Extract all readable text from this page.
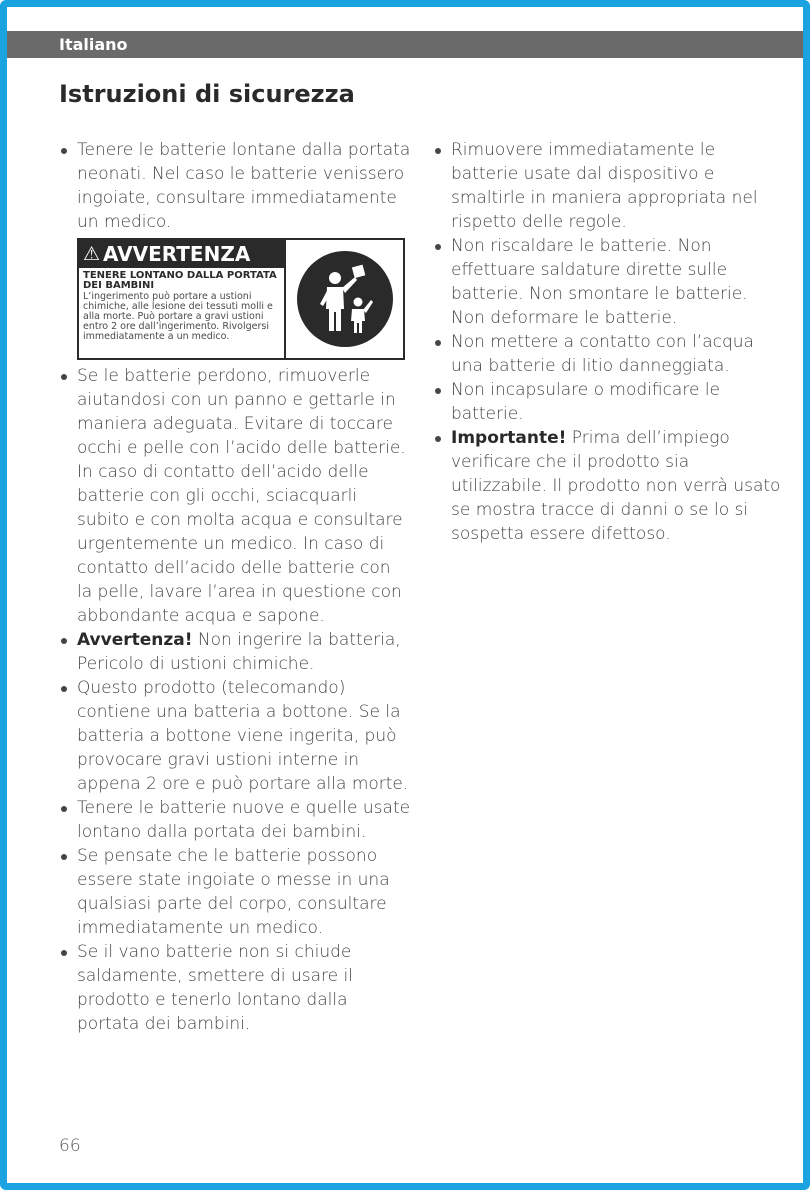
Italiano
Istruzioni di sicurezza
Tenere le batterie lontane dalla portata neonati. Nel caso le batterie venissero ingoiate, consultare immediatamente un medico.
⚠ AVVERTENZA
TENERE LONTANO DALLA PORTATA DEI BAMBINI
L’ingerimento può portare a ustioni chimiche, alle lesione dei tessuti molli e alla morte. Può portare a gravi ustioni entro 2 ore dall’ingerimento. Rivolgersi immediatamente a un medico.
Se le batterie perdono, rimuoverle aiutandosi con un panno e gettarle in maniera adeguata. Evitare di toccare occhi e pelle con l’acido delle batterie. In caso di contatto dell’acido delle batterie con gli occhi, sciacquarli subito e con molta acqua e consultare urgentemente un medico. In caso di contatto dell’acido delle batterie con la pelle, lavare l’area in questione con abbondante acqua e sapone.
Avvertenza! Non ingerire la batteria, Pericolo di ustioni chimiche.
Questo prodotto (telecomando) contiene una batteria a bottone. Se la batteria a bottone viene ingerita, può provocare gravi ustioni interne in appena 2 ore e può portare alla morte.
Tenere le batterie nuove e quelle usate lontano dalla portata dei bambini.
Se pensate che le batterie possono essere state ingoiate o messe in una qualsiasi parte del corpo, consultare immediatamente un medico.
Se il vano batterie non si chiude saldamente, smettere di usare il prodotto e tenerlo lontano dalla portata dei bambini.
Rimuovere immediatamente le batterie usate dal dispositivo e smaltirle in maniera appropriata nel rispetto delle regole.
Non riscaldare le batterie. Non effettuare saldature dirette sulle batterie. Non smontare le batterie. Non deformare le batterie.
Non mettere a contatto con l’acqua una batterie di litio danneggiata.
Non incapsulare o modificare le batterie.
Importante! Prima dell’impiego verificare che il prodotto sia utilizzabile. Il prodotto non verrà usato se mostra tracce di danni o se lo si sospetta essere difettoso.
66
